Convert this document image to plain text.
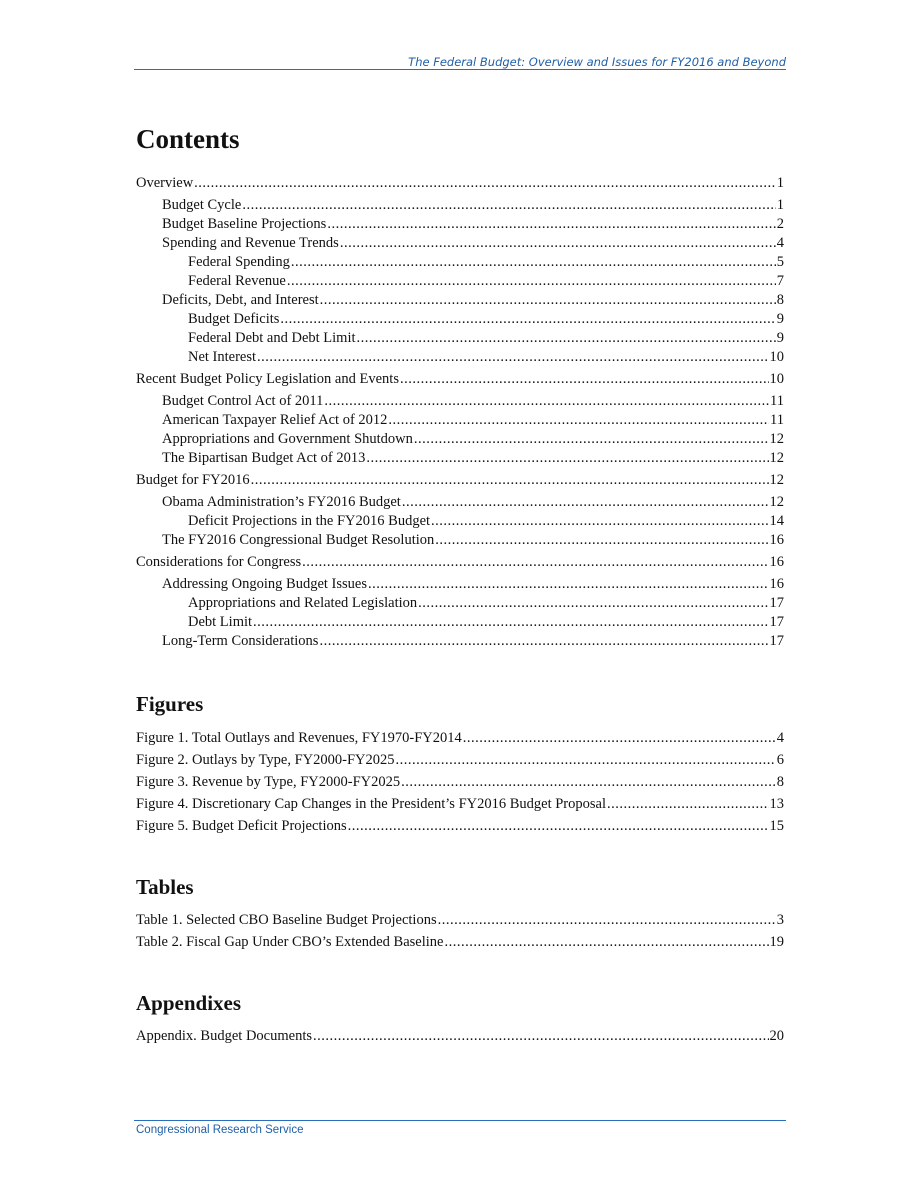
The Federal Budget: Overview and Issues for FY2016 and Beyond
Contents
Overview .....	1
Budget Cycle .....	1
Budget Baseline Projections .....	2
Spending and Revenue Trends .....	4
Federal Spending .....	5
Federal Revenue .....	7
Deficits, Debt, and Interest .....	8
Budget Deficits .....	9
Federal Debt and Debt Limit .....	9
Net Interest .....	10
Recent Budget Policy Legislation and Events .....	10
Budget Control Act of 2011 .....	11
American Taxpayer Relief Act of 2012 .....	11
Appropriations and Government Shutdown .....	12
The Bipartisan Budget Act of 2013 .....	12
Budget for FY2016 .....	12
Obama Administration’s FY2016 Budget .....	12
Deficit Projections in the FY2016 Budget .....	14
The FY2016 Congressional Budget Resolution .....	16
Considerations for Congress .....	16
Addressing Ongoing Budget Issues .....	16
Appropriations and Related Legislation .....	17
Debt Limit .....	17
Long-Term Considerations .....	17
Figures
Figure 1. Total Outlays and Revenues, FY1970-FY2014 .....	4
Figure 2. Outlays by Type, FY2000-FY2025 .....	6
Figure 3. Revenue by Type, FY2000-FY2025 .....	8
Figure 4. Discretionary Cap Changes in the President’s FY2016 Budget Proposal .....	13
Figure 5. Budget Deficit Projections .....	15
Tables
Table 1. Selected CBO Baseline Budget Projections .....	3
Table 2. Fiscal Gap Under CBO’s Extended Baseline .....	19
Appendixes
Appendix. Budget Documents .....	20
Congressional Research Service
